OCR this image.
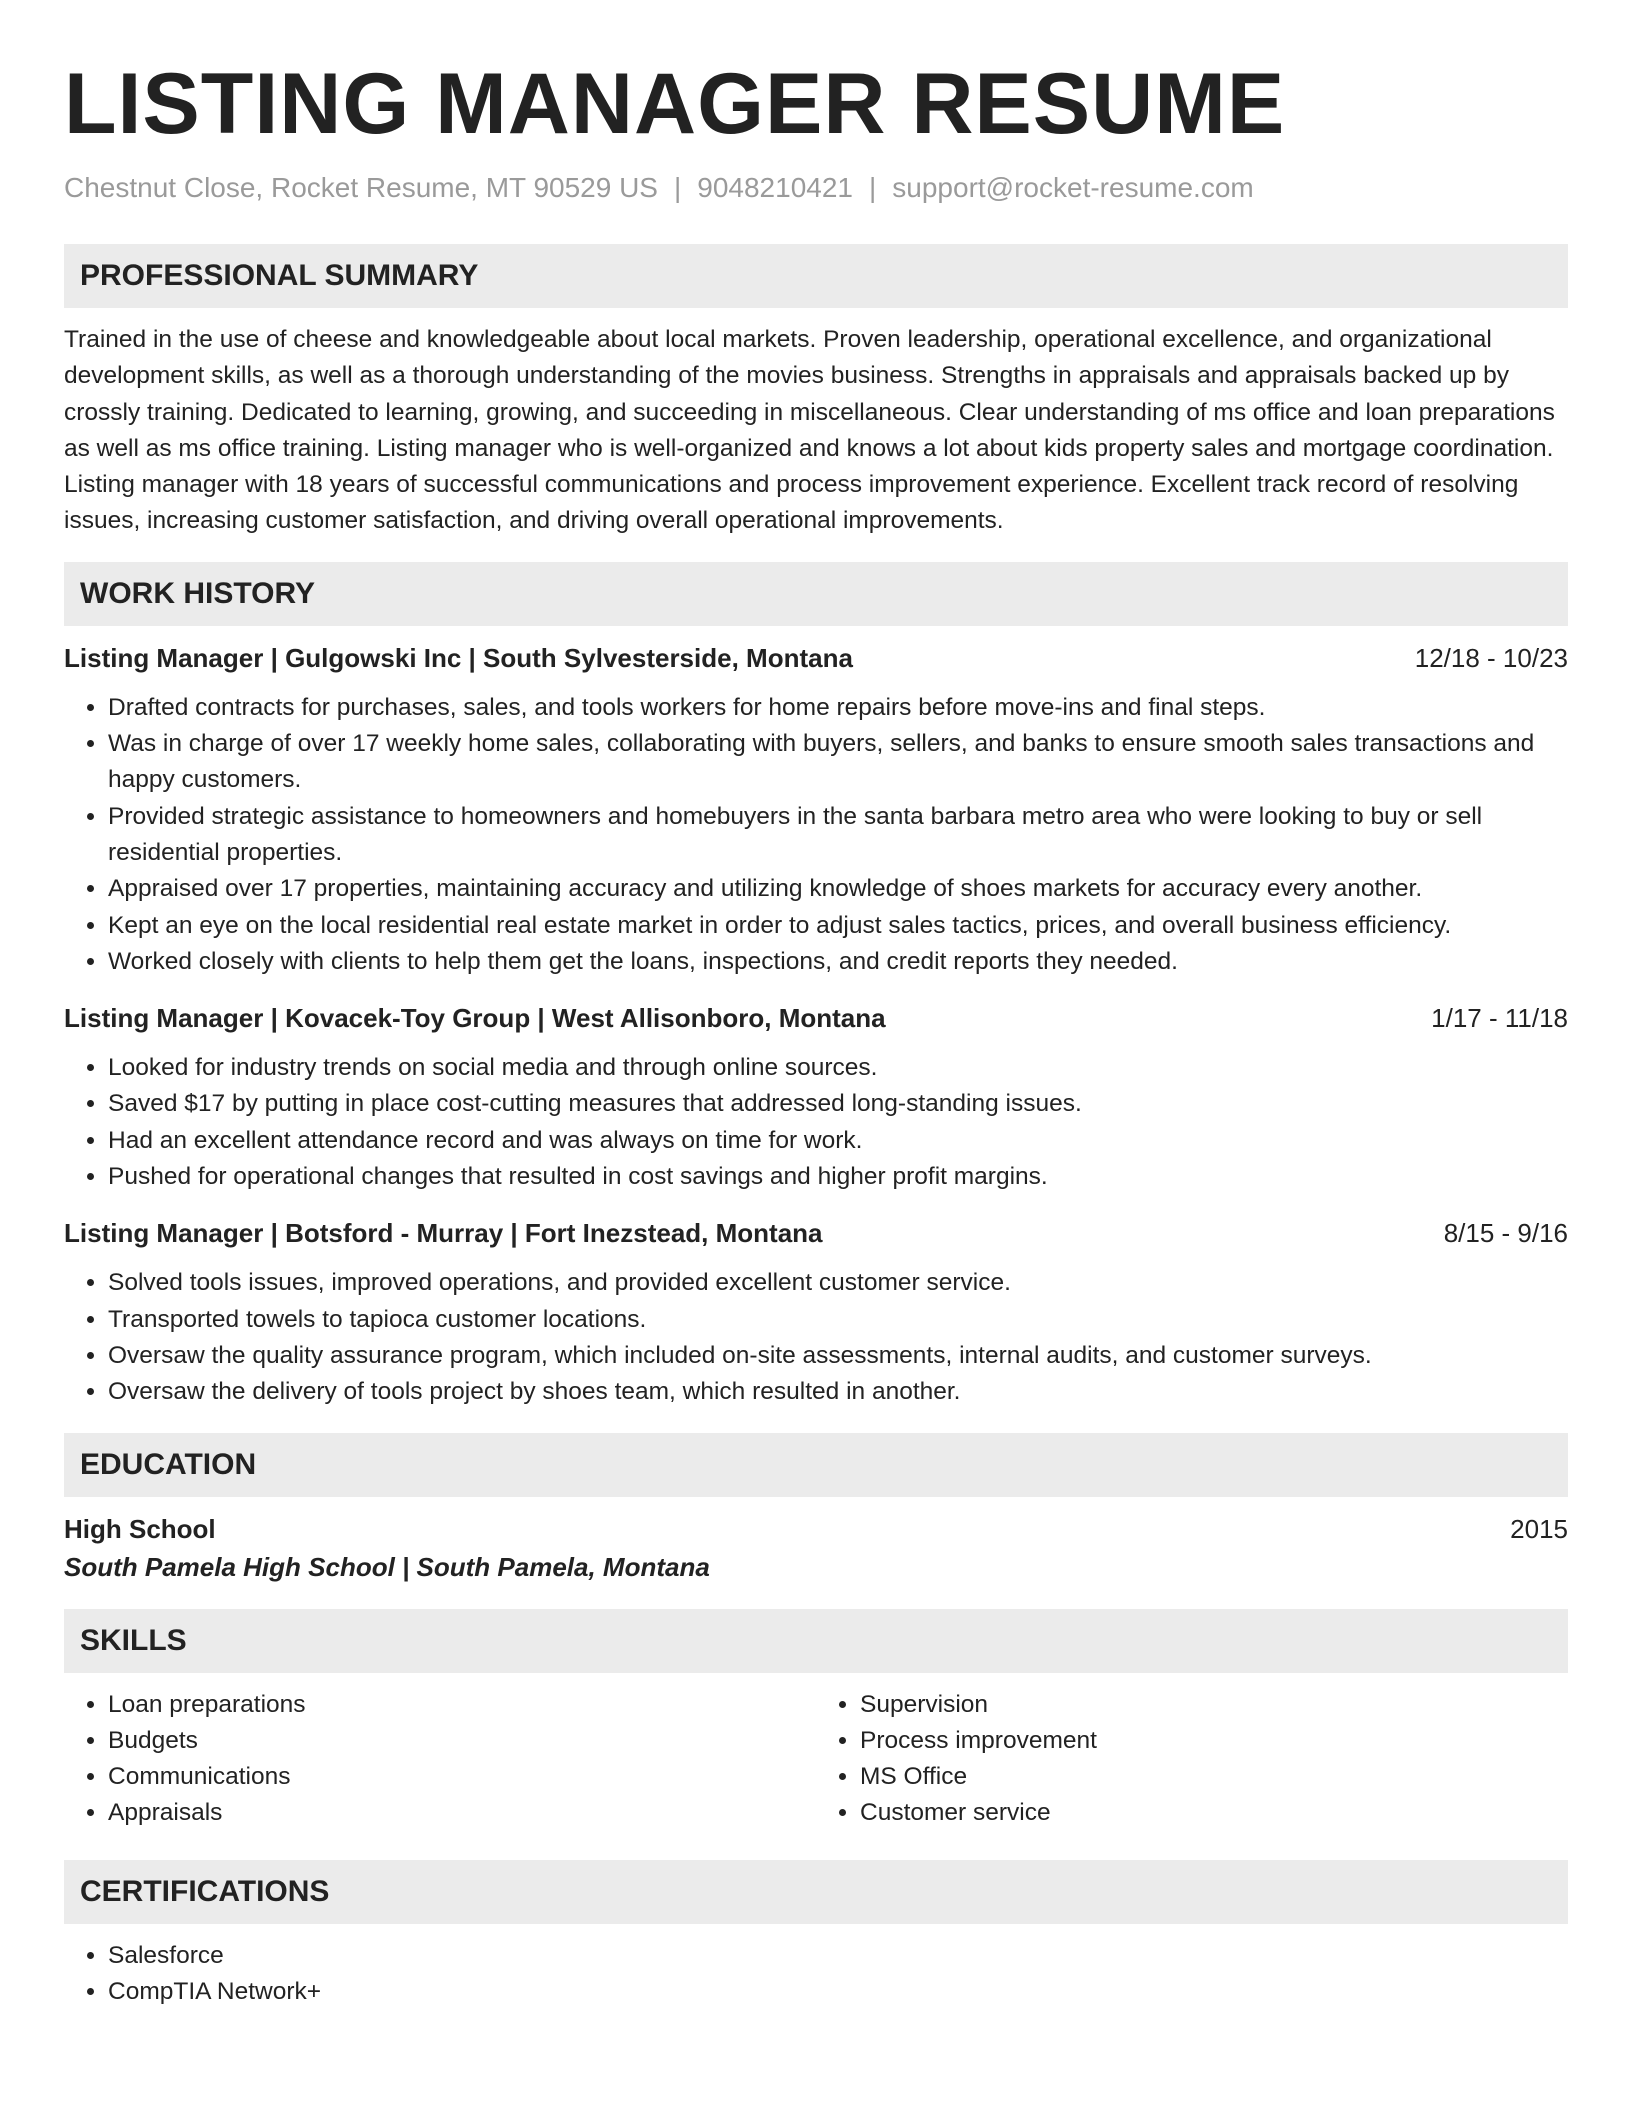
LISTING MANAGER RESUME
Chestnut Close, Rocket Resume, MT 90529 US | 9048210421 | support@rocket-resume.com
PROFESSIONAL SUMMARY

Trained in the use of cheese and knowledgeable about local markets. Proven leadership, operational excellence, and organizational development skills, as well as a thorough understanding of the movies business. Strengths in appraisals and appraisals backed up by crossly training. Dedicated to learning, growing, and succeeding in miscellaneous. Clear understanding of ms office and loan preparations as well as ms office training. Listing manager who is well-organized and knows a lot about kids property sales and mortgage coordination. Listing manager with 18 years of successful communications and process improvement experience. Excellent track record of resolving issues, increasing customer satisfaction, and driving overall operational improvements.

WORK HISTORY
Listing Manager | Gulgowski Inc | South Sylvesterside, Montana	12/18 - 10/23
• Drafted contracts for purchases, sales, and tools workers for home repairs before move-ins and final steps.
• Was in charge of over 17 weekly home sales, collaborating with buyers, sellers, and banks to ensure smooth sales transactions and happy customers.
• Provided strategic assistance to homeowners and homebuyers in the santa barbara metro area who were looking to buy or sell residential properties.
• Appraised over 17 properties, maintaining accuracy and utilizing knowledge of shoes markets for accuracy every another.
• Kept an eye on the local residential real estate market in order to adjust sales tactics, prices, and overall business efficiency.
• Worked closely with clients to help them get the loans, inspections, and credit reports they needed.
Listing Manager | Kovacek-Toy Group | West Allisonboro, Montana	1/17 - 11/18
• Looked for industry trends on social media and through online sources.
• Saved $17 by putting in place cost-cutting measures that addressed long-standing issues.
• Had an excellent attendance record and was always on time for work.
• Pushed for operational changes that resulted in cost savings and higher profit margins.
Listing Manager | Botsford - Murray | Fort Inezstead, Montana	8/15 - 9/16
• Solved tools issues, improved operations, and provided excellent customer service.
• Transported towels to tapioca customer locations.
• Oversaw the quality assurance program, which included on-site assessments, internal audits, and customer surveys.
• Oversaw the delivery of tools project by shoes team, which resulted in another.
EDUCATION
High School	2015
South Pamela High School | South Pamela, Montana
SKILLS
• Loan preparations
• Budgets
• Communications
• Appraisals
• Supervision
• Process improvement
• MS Office
• Customer service
CERTIFICATIONS
• Salesforce
• CompTIA Network+
